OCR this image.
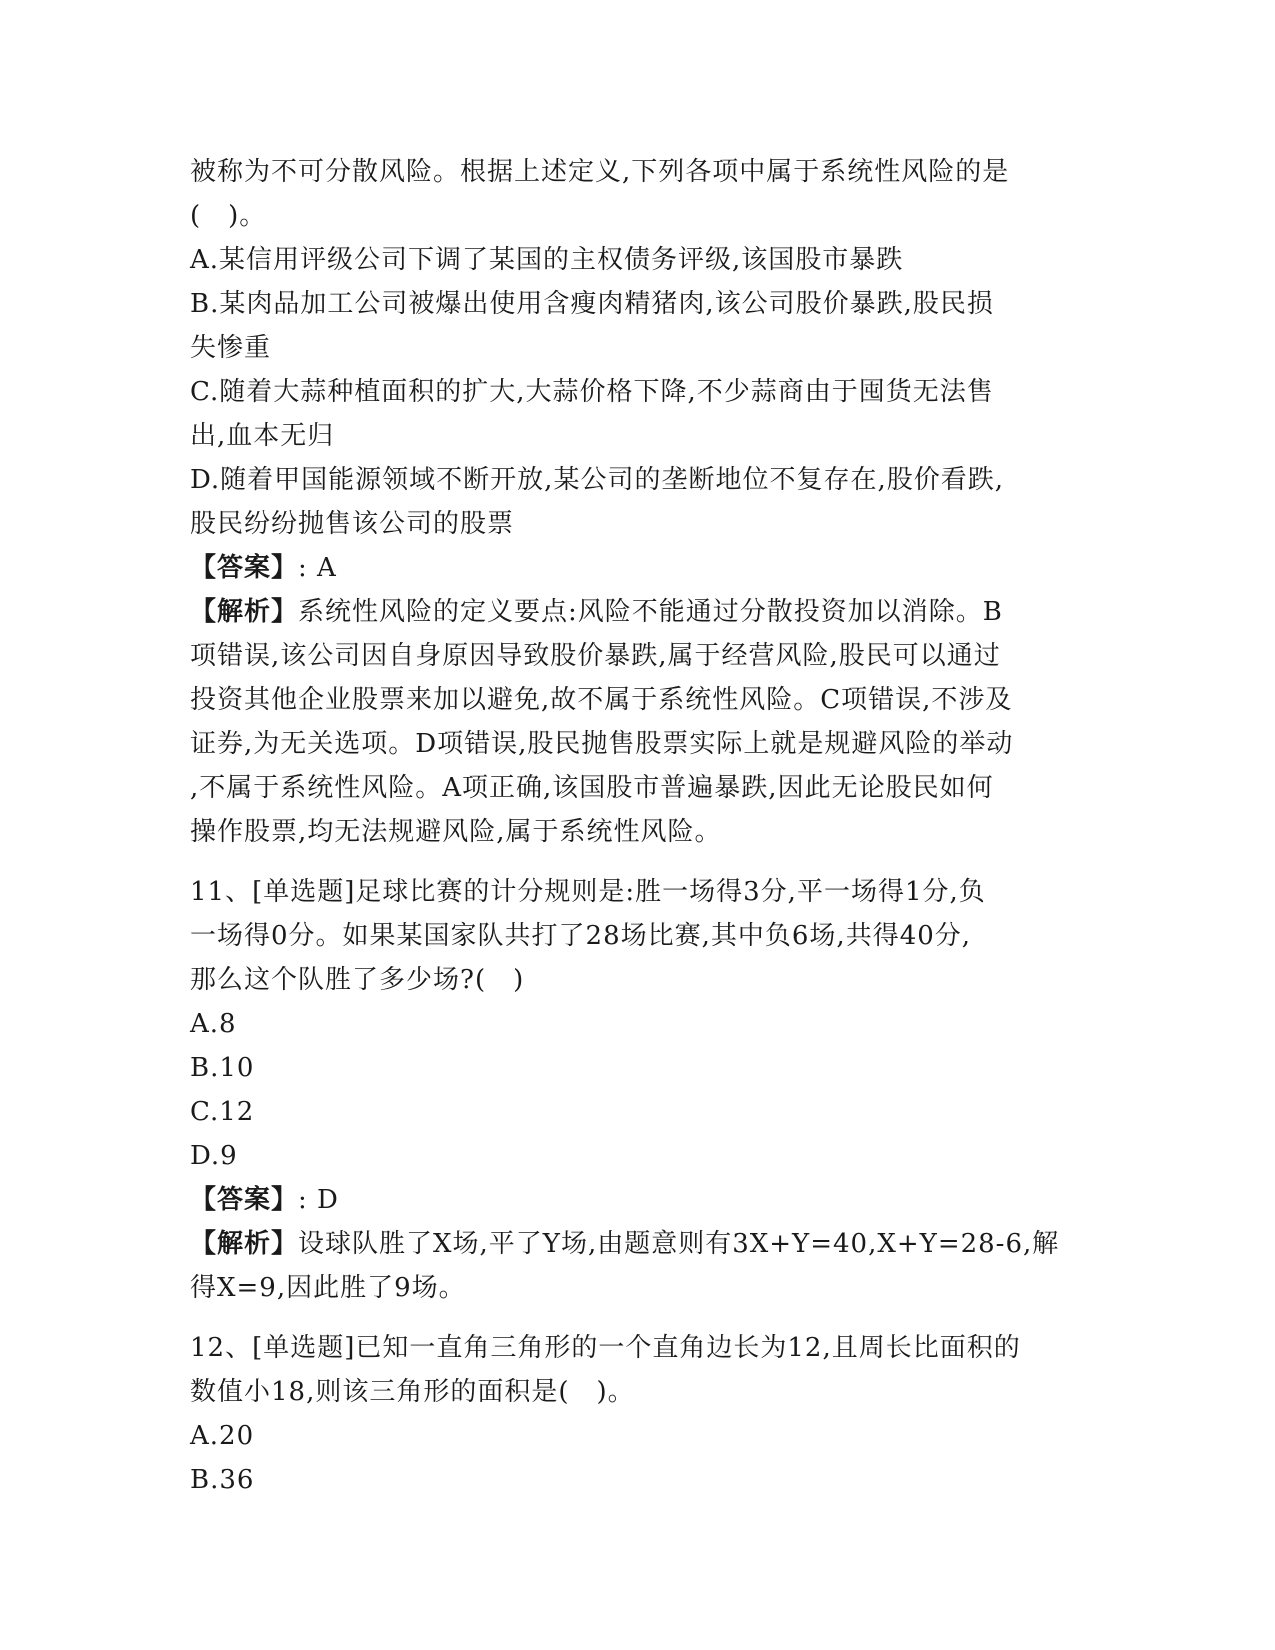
被称为不可分散风险。根据上述定义,下列各项中属于系统性风险的是
(　)。
A.某信用评级公司下调了某国的主权债务评级,该国股市暴跌
B.某肉品加工公司被爆出使用含瘦肉精猪肉,该公司股价暴跌,股民损
失惨重
C.随着大蒜种植面积的扩大,大蒜价格下降,不少蒜商由于囤货无法售
出,血本无归
D.随着甲国能源领域不断开放,某公司的垄断地位不复存在,股价看跌,
股民纷纷抛售该公司的股票
【答案】: A
【解析】系统性风险的定义要点:风险不能通过分散投资加以消除。B
项错误,该公司因自身原因导致股价暴跌,属于经营风险,股民可以通过
投资其他企业股票来加以避免,故不属于系统性风险。C项错误,不涉及
证券,为无关选项。D项错误,股民抛售股票实际上就是规避风险的举动
,不属于系统性风险。A项正确,该国股市普遍暴跌,因此无论股民如何
操作股票,均无法规避风险,属于系统性风险。
11、[单选题]足球比赛的计分规则是:胜一场得3分,平一场得1分,负
一场得0分。如果某国家队共打了28场比赛,其中负6场,共得40分,
那么这个队胜了多少场?(　)
A.8
B.10
C.12
D.9
【答案】: D
【解析】设球队胜了X场,平了Y场,由题意则有3X+Y=40,X+Y=28-6,解
得X=9,因此胜了9场。
12、[单选题]已知一直角三角形的一个直角边长为12,且周长比面积的
数值小18,则该三角形的面积是(　)。
A.20
B.36
